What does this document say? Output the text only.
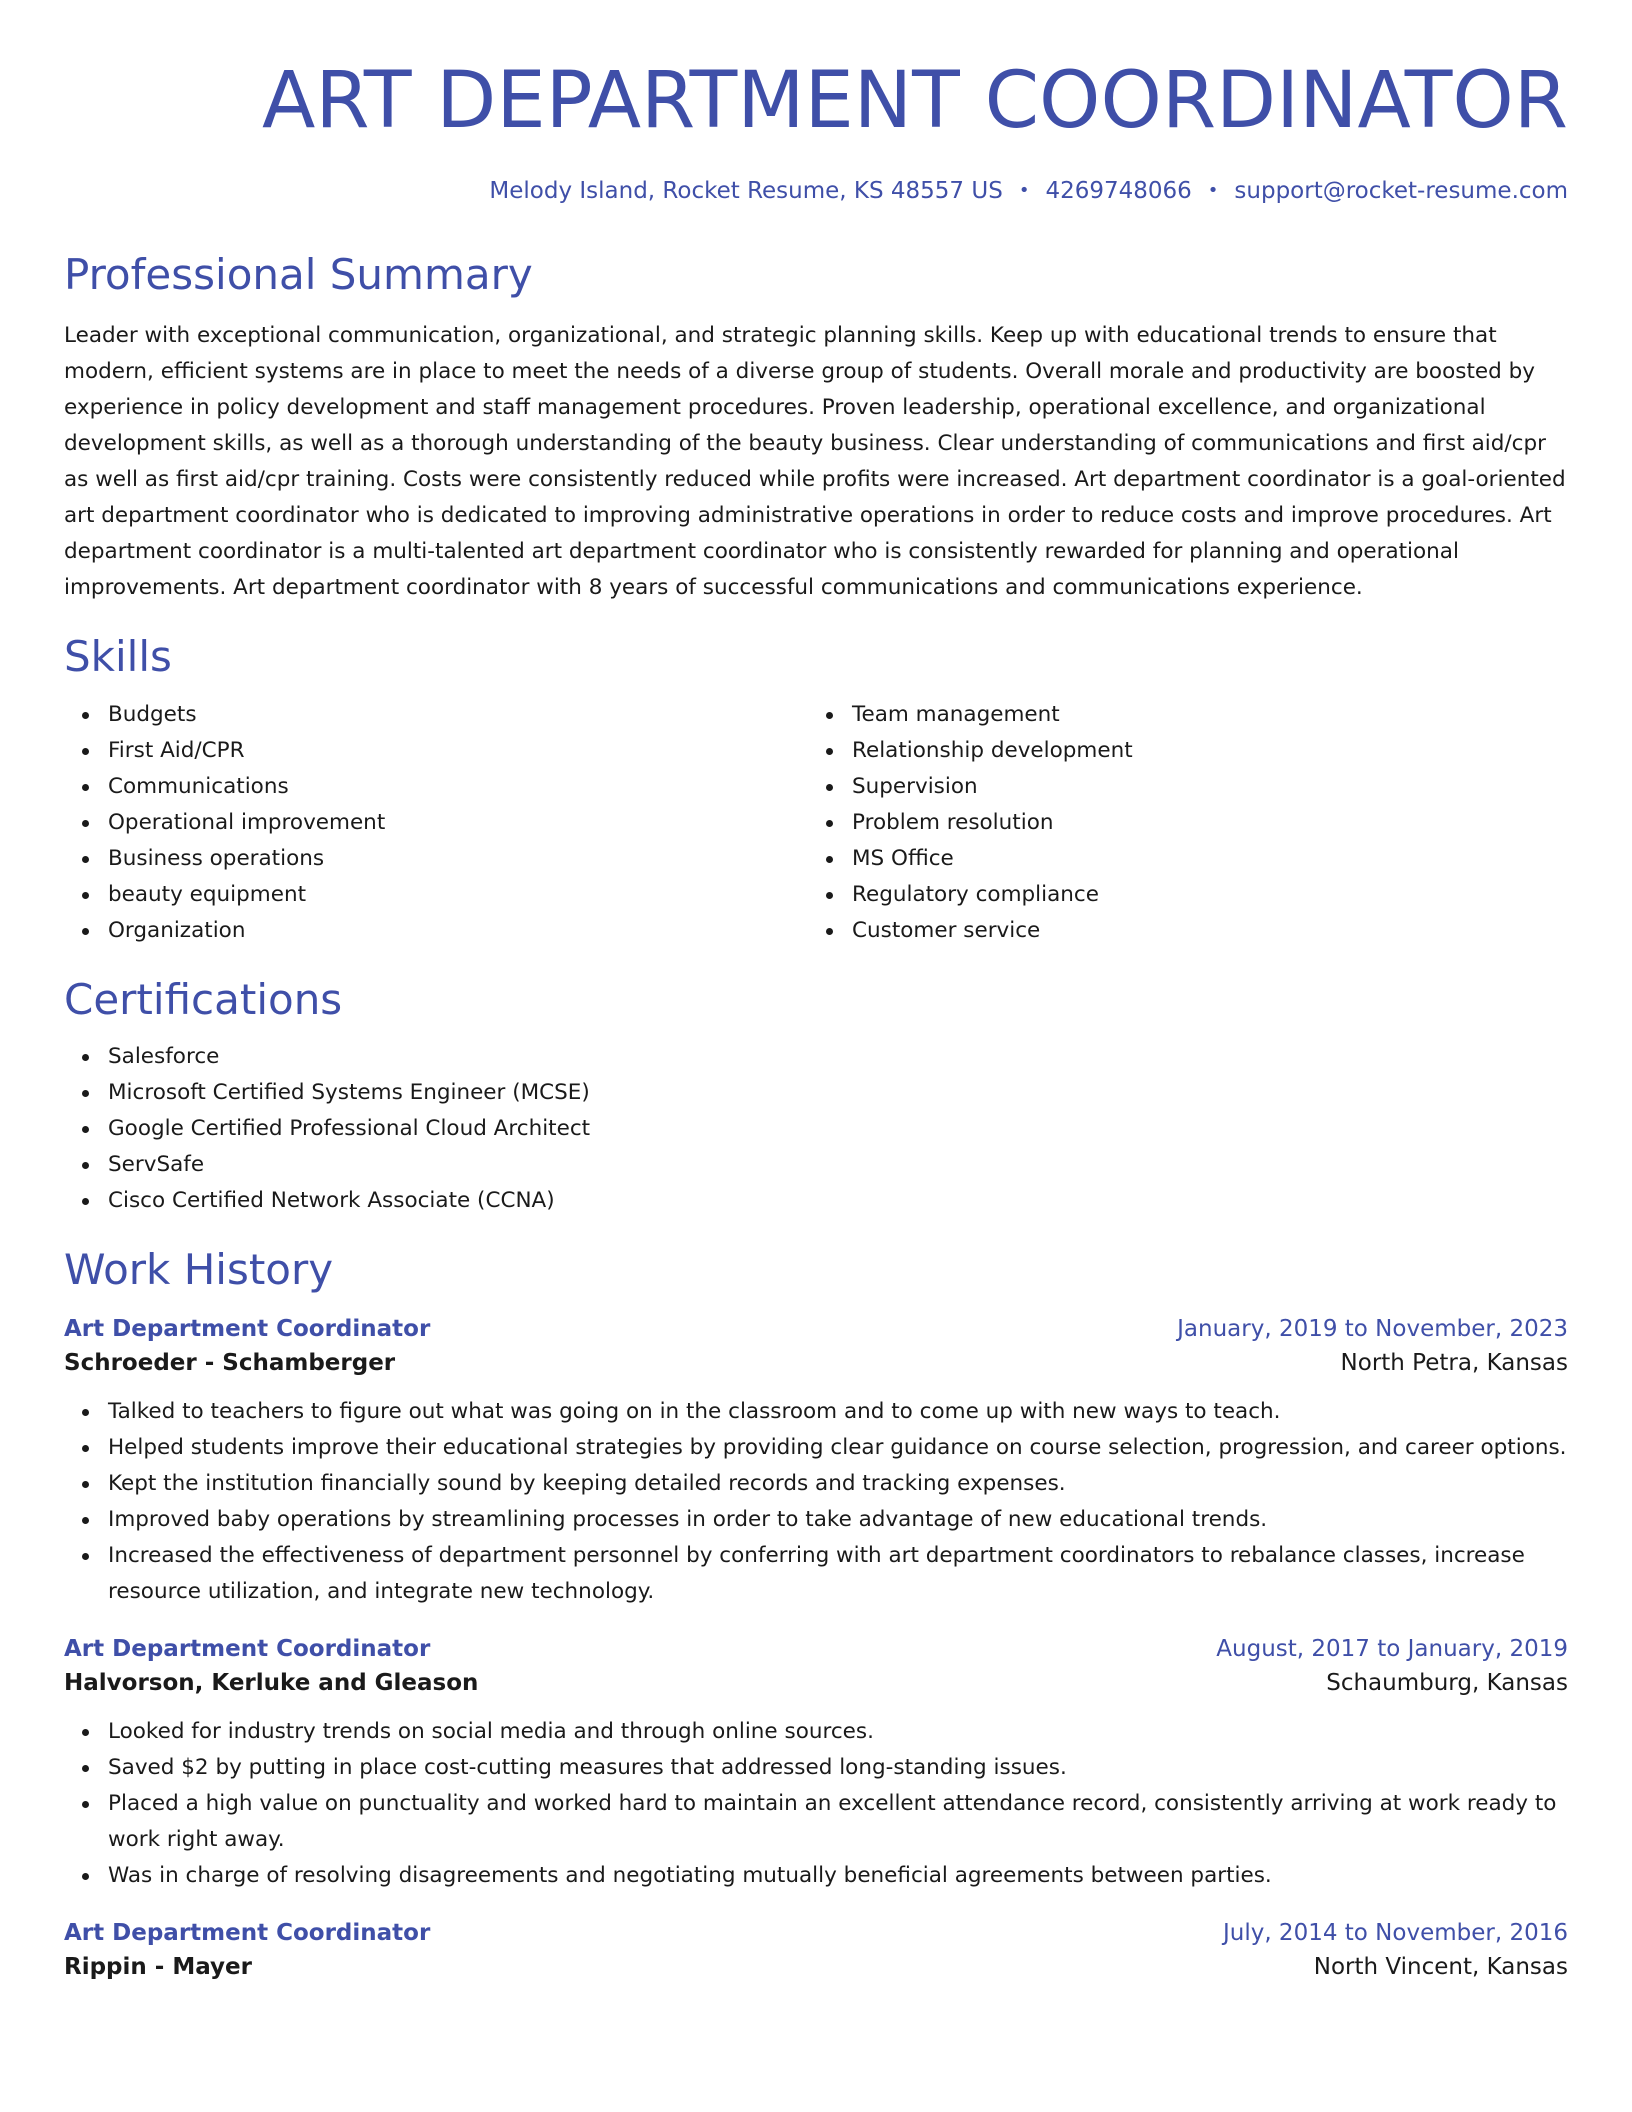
ART DEPARTMENT COORDINATOR
Melody Island, Rocket Resume, KS 48557 US • 4269748066 • support@rocket-resume.com
Professional Summary

Leader with exceptional communication, organizational, and strategic planning skills. Keep up with educational trends to ensure that modern, efficient systems are in place to meet the needs of a diverse group of students. Overall morale and productivity are boosted by experience in policy development and staff management procedures. Proven leadership, operational excellence, and organizational development skills, as well as a thorough understanding of the beauty business. Clear understanding of communications and first aid/cpr as well as first aid/cpr training. Costs were consistently reduced while profits were increased. Art department coordinator is a goal-oriented art department coordinator who is dedicated to improving administrative operations in order to reduce costs and improve procedures. Art department coordinator is a multi-talented art department coordinator who is consistently rewarded for planning and operational improvements. Art department coordinator with 8 years of successful communications and communications experience.

Skills
Budgets
First Aid/CPR
Communications
Operational improvement
Business operations
beauty equipment
Organization
Team management
Relationship development
Supervision
Problem resolution
MS Office
Regulatory compliance
Customer service
Certifications
Salesforce
Microsoft Certified Systems Engineer (MCSE)
Google Certified Professional Cloud Architect
ServSafe
Cisco Certified Network Associate (CCNA)
Work History
Art Department Coordinator	January, 2019 to November, 2023
Schroeder - Schamberger	North Petra, Kansas
Talked to teachers to figure out what was going on in the classroom and to come up with new ways to teach.
Helped students improve their educational strategies by providing clear guidance on course selection, progression, and career options.
Kept the institution financially sound by keeping detailed records and tracking expenses.
Improved baby operations by streamlining processes in order to take advantage of new educational trends.
Increased the effectiveness of department personnel by conferring with art department coordinators to rebalance classes, increase resource utilization, and integrate new technology.
Art Department Coordinator	August, 2017 to January, 2019
Halvorson, Kerluke and Gleason	Schaumburg, Kansas
Looked for industry trends on social media and through online sources.
Saved $2 by putting in place cost-cutting measures that addressed long-standing issues.
Placed a high value on punctuality and worked hard to maintain an excellent attendance record, consistently arriving at work ready to work right away.
Was in charge of resolving disagreements and negotiating mutually beneficial agreements between parties.
Art Department Coordinator	July, 2014 to November, 2016
Rippin - Mayer	North Vincent, Kansas
